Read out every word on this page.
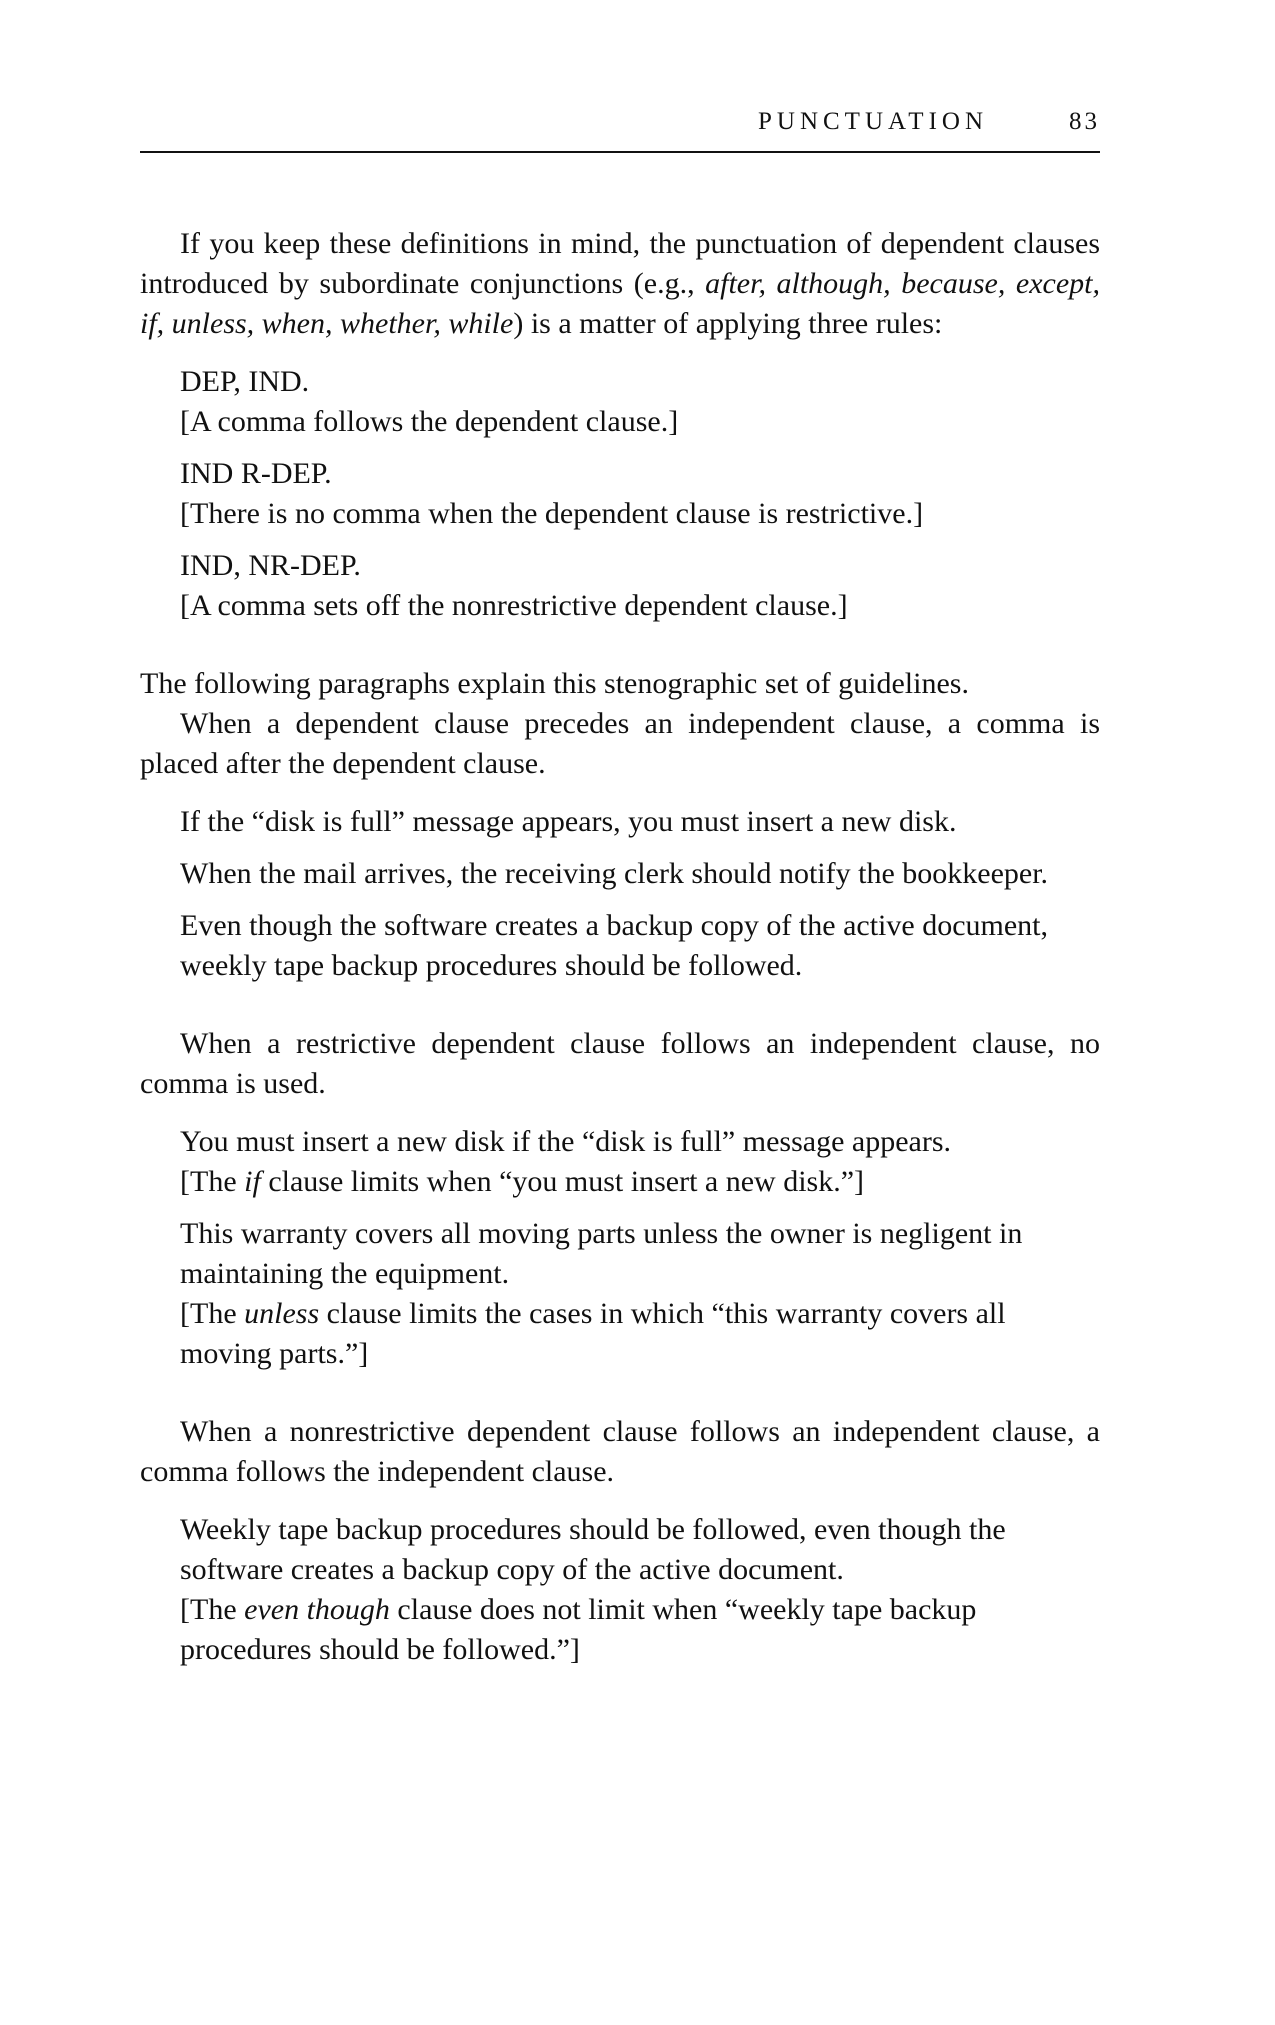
PUNCTUATION	83

If you keep these definitions in mind, the punctuation of dependent clauses introduced by subordinate conjunctions (e.g., after, although, because, except, if, unless, when, whether, while) is a matter of applying three rules:

DEP, IND.
[A comma follows the dependent clause.]
IND R-DEP.
[There is no comma when the dependent clause is restrictive.]
IND, NR-DEP.
[A comma sets off the nonrestrictive dependent clause.]

The following paragraphs explain this stenographic set of guidelines.

When a dependent clause precedes an independent clause, a comma is placed after the dependent clause.

If the “disk is full” message appears, you must insert a new disk.

When the mail arrives, the receiving clerk should notify the bookkeeper.

Even though the software creates a backup copy of the active document, weekly tape backup procedures should be followed.

When a restrictive dependent clause follows an independent clause, no comma is used.

You must insert a new disk if the “disk is full” message appears.
[The if clause limits when “you must insert a new disk.”]
This warranty covers all moving parts unless the owner is negligent in maintaining the equipment.
[The unless clause limits the cases in which “this warranty covers all moving parts.”]

When a nonrestrictive dependent clause follows an independent clause, a comma follows the independent clause.

Weekly tape backup procedures should be followed, even though the software creates a backup copy of the active document.
[The even though clause does not limit when “weekly tape backup procedures should be followed.”]
